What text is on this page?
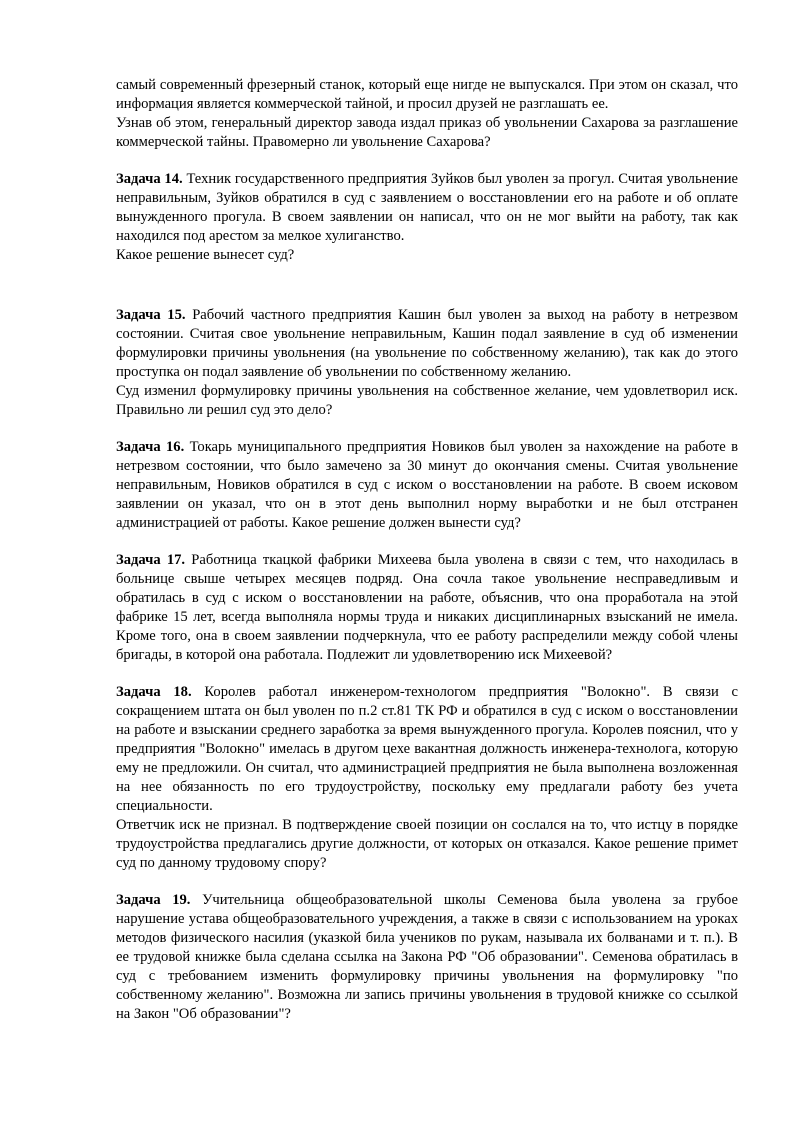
самый современный фрезерный станок, который еще нигде не выпускался. При этом он сказал, что информация является коммерческой тайной, и просил друзей не разглашать ее.

Узнав об этом, генеральный директор завода издал приказ об увольнении Сахарова за разглашение коммерческой тайны. Правомерно ли увольнение Сахарова?

Задача 14. Техник государственного предприятия Зуйков был уволен за прогул. Считая увольнение неправильным, Зуйков обратился в суд с заявлением о восстановлении его на работе и об оплате вынужденного прогула. В своем заявлении он написал, что он не мог выйти на работу, так как находился под арестом за мелкое хулиганство.

Какое решение вынесет суд?

Задача 15. Рабочий частного предприятия Кашин был уволен за выход на работу в нетрезвом состоянии. Считая свое увольнение неправильным, Кашин подал заявление в суд об изменении формулировки причины увольнения (на увольнение по собственному желанию), так как до этого проступка он подал заявление об увольнении по собственному желанию.

Суд изменил формулировку причины увольнения на собственное желание, чем удовлетворил иск. Правильно ли решил суд это дело?

Задача 16. Токарь муниципального предприятия Новиков был уволен за нахождение на работе в нетрезвом состоянии, что было замечено за 30 минут до окончания смены. Считая увольнение неправильным, Новиков обратился в суд с иском о восстановлении на работе. В своем исковом заявлении он указал, что он в этот день выполнил норму выработки и не был отстранен администрацией от работы. Какое решение должен вынести суд?

Задача 17. Работница ткацкой фабрики Михеева была уволена в связи с тем, что находилась в больнице свыше четырех месяцев подряд. Она сочла такое увольнение несправедливым и обратилась в суд с иском о восстановлении на работе, объяснив, что она проработала на этой фабрике 15 лет, всегда выполняла нормы труда и никаких дисциплинарных взысканий не имела. Кроме того, она в своем заявлении подчеркнула, что ее работу распределили между собой члены бригады, в которой она работала. Подлежит ли удовлетворению иск Михеевой?

Задача 18. Королев работал инженером-технологом предприятия "Волокно". В связи с сокращением штата он был уволен по п.2 ст.81 ТК РФ и обратился в суд с иском о восстановлении на работе и взыскании среднего заработка за время вынужденного прогула. Королев пояснил, что у предприятия "Волокно" имелась в другом цехе вакантная должность инженера-технолога, которую ему не предложили. Он считал, что администрацией предприятия не была выполнена возложенная на нее обязанность по его трудоустройству, поскольку ему предлагали работу без учета специальности.

Ответчик иск не признал. В подтверждение своей позиции он сослался на то, что истцу в порядке трудоустройства предлагались другие должности, от которых он отказался. Какое решение примет суд по данному трудовому спору?

Задача 19. Учительница общеобразовательной школы Семенова была уволена за грубое нарушение устава общеобразовательного учреждения, а также в связи с использованием на уроках методов физического насилия (указкой била учеников по рукам, называла их болванами и т. п.). В ее трудовой книжке была сделана ссылка на Закона РФ "Об образовании". Семенова обратилась в суд с требованием изменить формулировку причины увольнения на формулировку "по собственному желанию". Возможна ли запись причины увольнения в трудовой книжке со ссылкой на Закон "Об образовании"?
